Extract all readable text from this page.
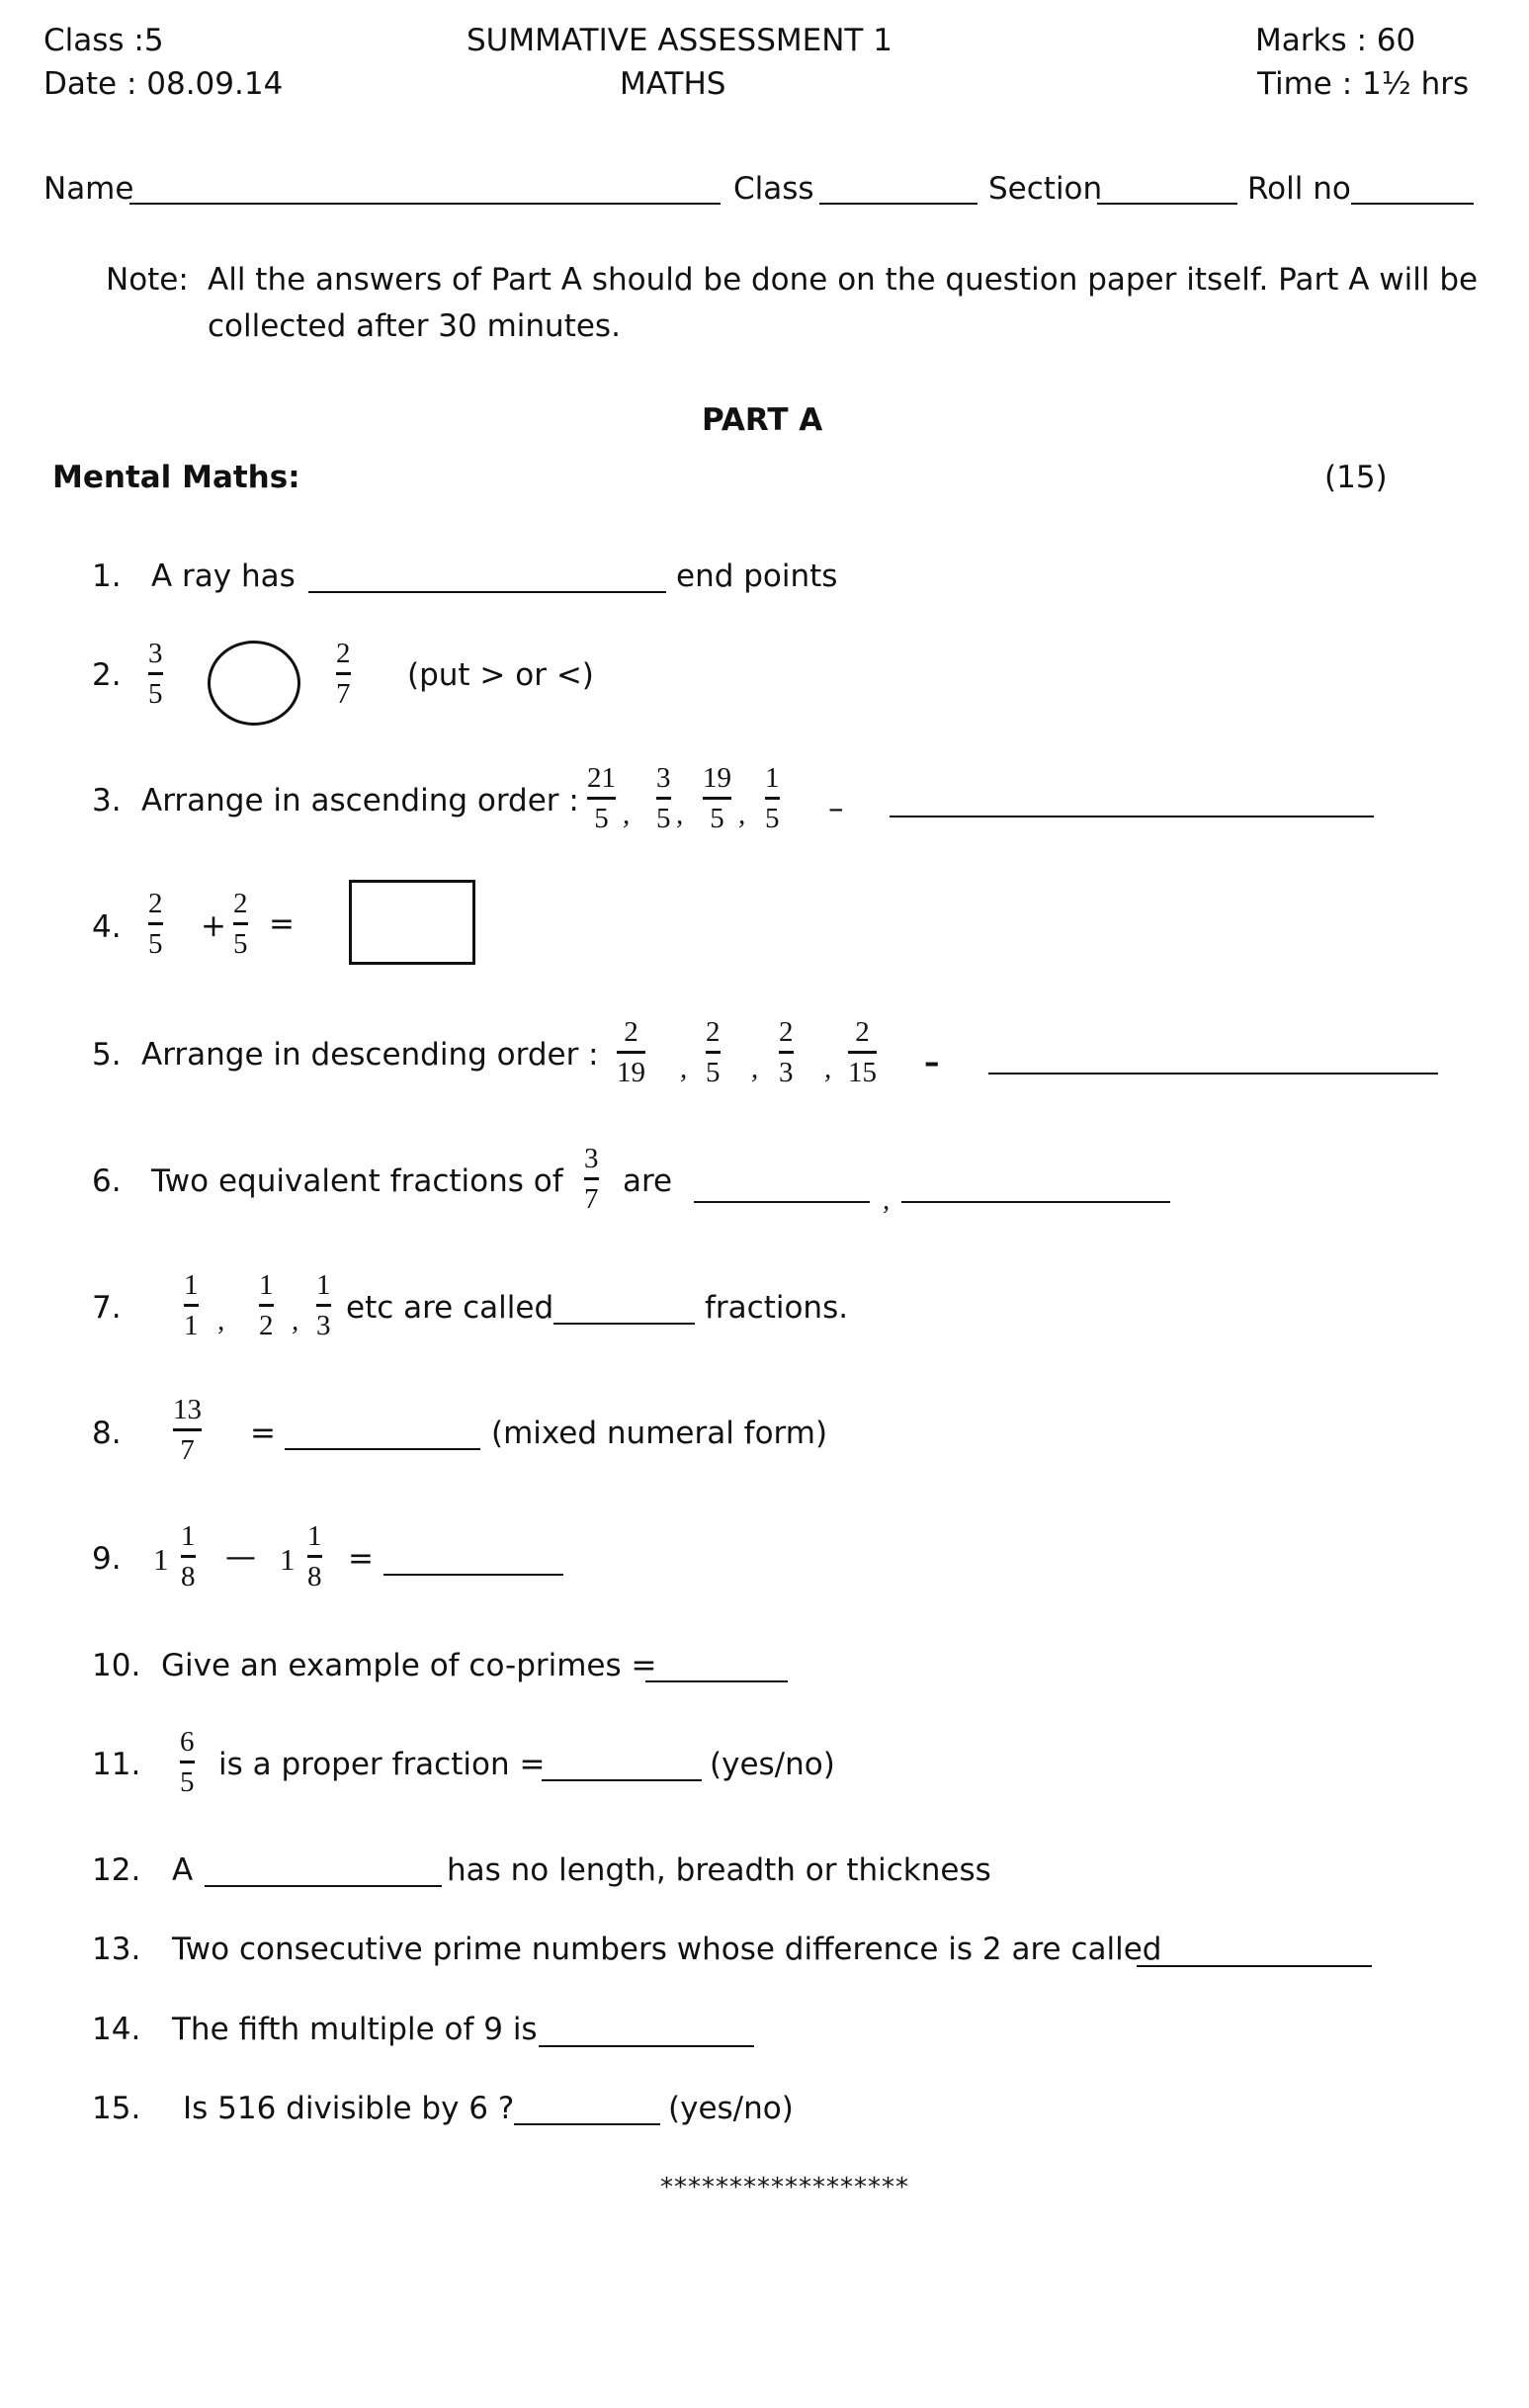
Class :5	SUMMATIVE ASSESSMENT 1	Marks : 60
Date : 08.09.14	MATHS	Time : 1½ hrs
Name	Class	Section	Roll no
Note: All the answers of Part A should be done on the question paper itself. Part A will be
collected after 30 minutes.
PART A
Mental Maths:	(15)
1. A ray has	end points
2.
3
5
2
7
(put > or <)
3. Arrange in ascending order :
21
5 ,
3
5 ,
19
5 ,
1
5 –
4.
2
5 +
2
5
=
5. Arrange in descending order :
2
19 ,
2
5 ,
2
3 ,
2
15 –
6. Two equivalent fractions of
3
7 are
,
7.
1
1 ,
1
2 ,
1
3 etc are called	fractions.
8.
13
7 =	(mixed numeral form)
9. 1
1
8
— 1
1
8 =
10. Give an example of co-primes =
11.
6
5 is a proper fraction =	(yes/no)
12. A	has no length, breadth or thickness
13. Two consecutive prime numbers whose difference is 2 are called
14. The fifth multiple of 9 is
15. Is 516 divisible by 6 ?	(yes/no)
******************
